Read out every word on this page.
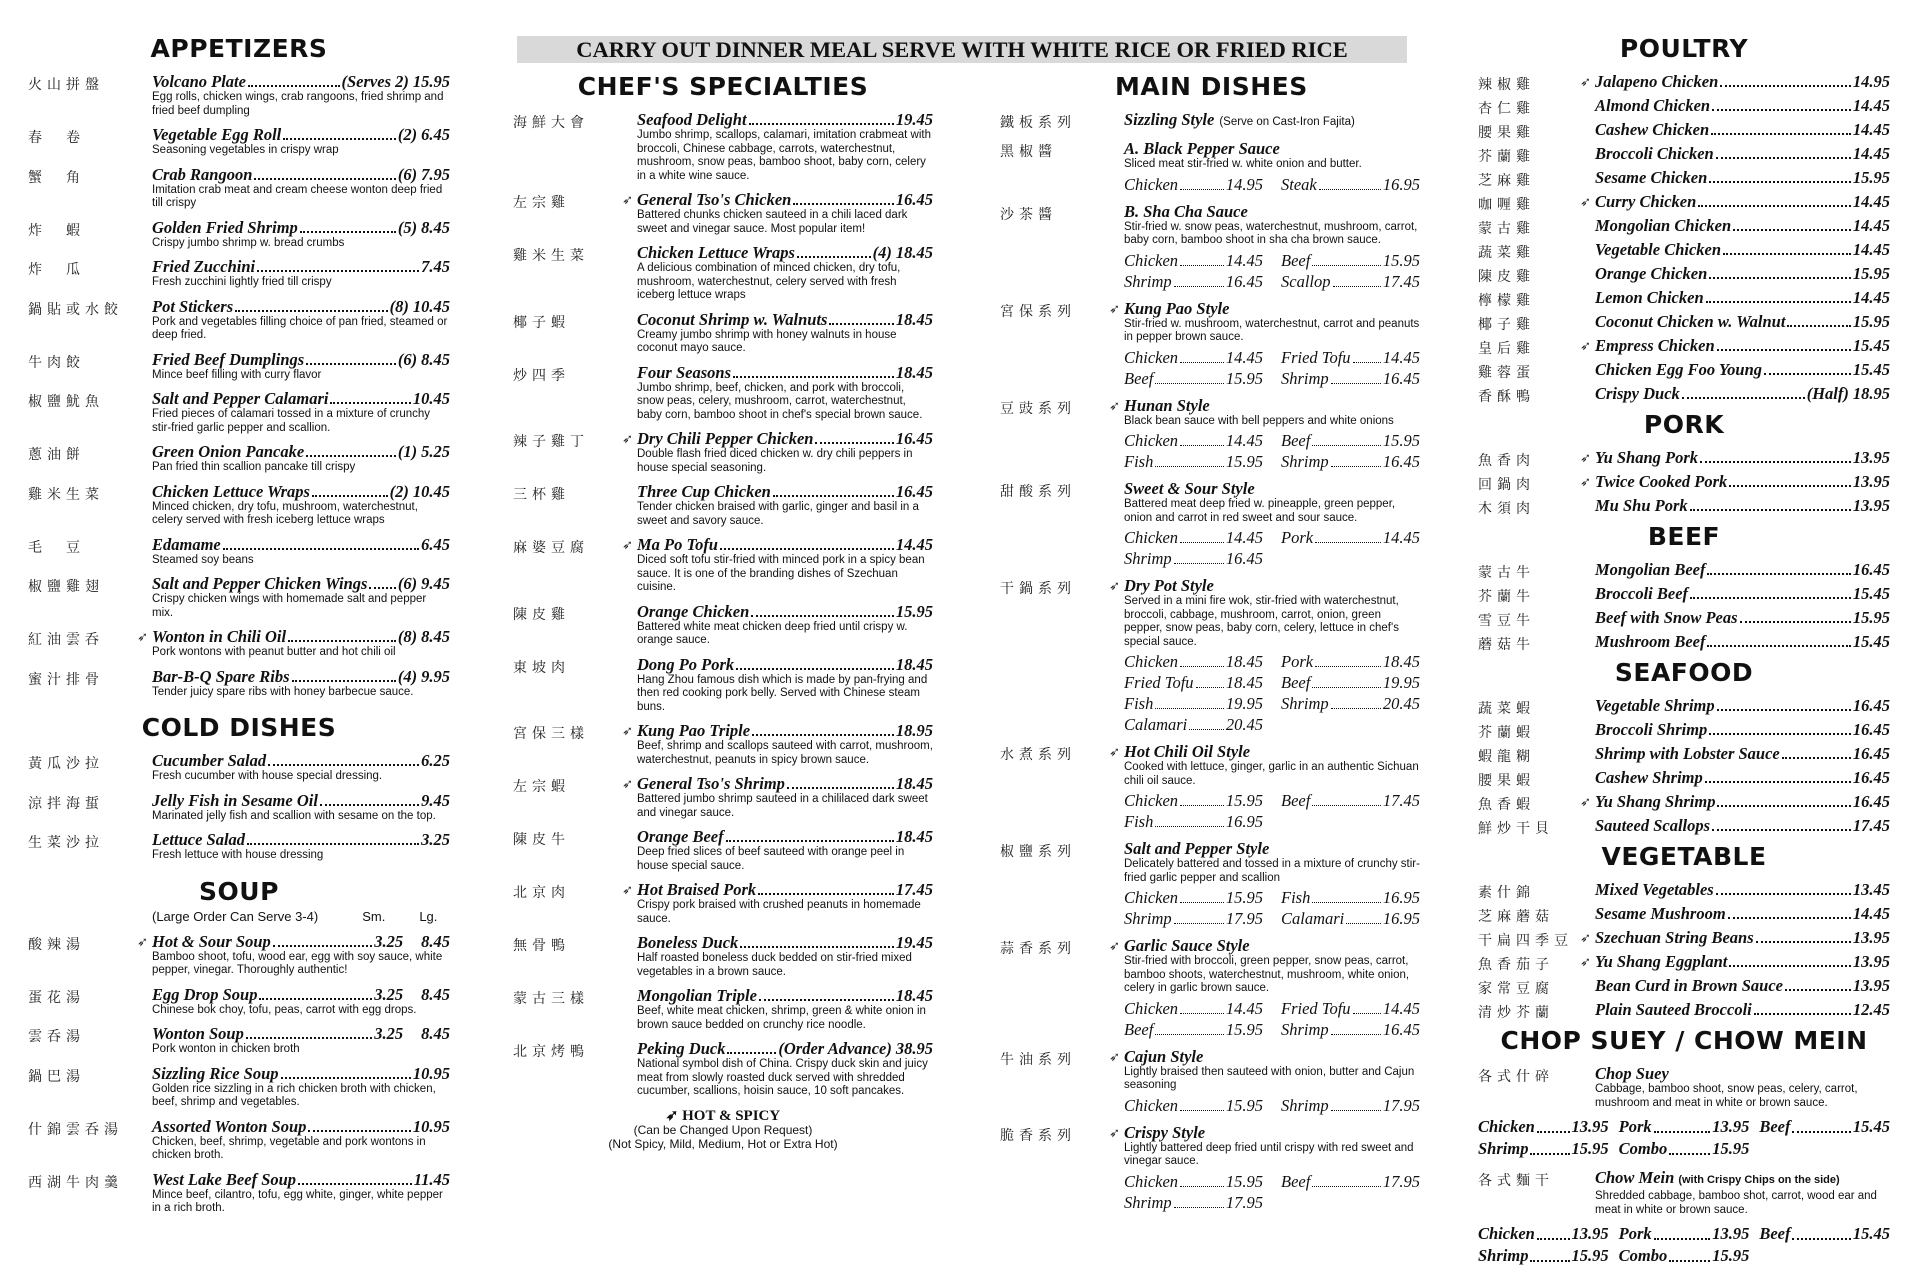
CARRY OUT DINNER MEAL SERVE WITH WHITE RICE OR FRIED RICE
APPETIZERS
火山拼盤	Volcano Plate	(Serves 2) 15.95
Egg rolls, chicken wings, crab rangoons, fried shrimp and fried beef dumpling
春　卷	Vegetable Egg Roll	(2) 6.45
Seasoning vegetables in crispy wrap
蟹　角	Crab Rangoon	(6) 7.95
Imitation crab meat and cream cheese wonton deep fried till crispy
炸　蝦	Golden Fried Shrimp	(5) 8.45
Crispy jumbo shrimp w. bread crumbs
炸　瓜	Fried Zucchini	7.45
Fresh zucchini lightly fried till crispy
鍋貼或水餃	Pot Stickers	(8) 10.45
Pork and vegetables filling choice of pan fried, steamed or deep fried.
牛肉餃	Fried Beef Dumplings	(6) 8.45
Mince beef filling with curry flavor
椒鹽魷魚	Salt and Pepper Calamari	10.45
Fried pieces of calamari tossed in a mixture of crunchy stir-fried garlic pepper and scallion.
蔥油餅	Green Onion Pancake	(1) 5.25
Pan fried thin scallion pancake till crispy
雞米生菜	Chicken Lettuce Wraps	(2) 10.45
Minced chicken, dry tofu, mushroom, waterchestnut, celery served with fresh iceberg lettuce wraps
毛　豆	Edamame	6.45
Steamed soy beans
椒鹽雞翅	Salt and Pepper Chicken Wings (6) 9.45
Crispy chicken wings with homemade salt and pepper mix.
紅油雲呑	➶ Wonton in Chili Oil	(8) 8.45
Pork wontons with peanut butter and hot chili oil
蜜汁排骨	Bar-B-Q Spare Ribs	(4) 9.95
Tender juicy spare ribs with honey barbecue sauce.
COLD DISHES
黃瓜沙拉	Cucumber Salad	6.25
Fresh cucumber with house special dressing.
涼拌海蜇	Jelly Fish in Sesame Oil	9.45
Marinated jelly fish and scallion with sesame on the top.
生菜沙拉	Lettuce Salad	3.25
Fresh lettuce with house dressing
SOUP
(Large Order Can Serve 3-4)	Sm.	Lg.
酸辣湯	➶ Hot & Sour Soup	3.25 8.45
Bamboo shoot, tofu, wood ear, egg with soy sauce, white pepper, vinegar. Thoroughly authentic!
蛋花湯	Egg Drop Soup	3.25 8.45
Chinese bok choy, tofu, peas, carrot with egg drops.
雲呑湯	Wonton Soup	3.25 8.45
Pork wonton in chicken broth
鍋巴湯	Sizzling Rice Soup	10.95
Golden rice sizzling in a rich chicken broth with chicken, beef, shrimp and vegetables.
什錦雲呑湯	Assorted Wonton Soup	10.95
Chicken, beef, shrimp, vegetable and pork wontons in chicken broth.
西湖牛肉羹	West Lake Beef Soup	11.45
Mince beef, cilantro, tofu, egg white, ginger, white pepper in a rich broth.
CHEF'S SPECIALTIES
海鮮大會	Seafood Delight	19.45
Jumbo shrimp, scallops, calamari, imitation crabmeat with broccoli, Chinese cabbage, carrots, waterchestnut, mushroom, snow peas, bamboo shoot, baby corn, celery in a white wine sauce.
左宗雞	➶ General Tso's Chicken	16.45
Battered chunks chicken sauteed in a chili laced dark sweet and vinegar sauce. Most popular item!
雞米生菜	Chicken Lettuce Wraps	(4) 18.45
A delicious combination of minced chicken, dry tofu, mushroom, waterchestnut, celery served with fresh iceberg lettuce wraps
椰子蝦	Coconut Shrimp w. Walnuts	18.45
Creamy jumbo shrimp with honey walnuts in house coconut mayo sauce.
炒四季	Four Seasons	18.45
Jumbo shrimp, beef, chicken, and pork with broccoli, snow peas, celery, mushroom, carrot, waterchestnut, baby corn, bamboo shoot in chef's special brown sauce.
辣子雞丁	➶ Dry Chili Pepper Chicken	16.45
Double flash fried diced chicken w. dry chili peppers in house special seasoning.
三杯雞	Three Cup Chicken	16.45
Tender chicken braised with garlic, ginger and basil in a sweet and savory sauce.
麻婆豆腐	➶ Ma Po Tofu	14.45
Diced soft tofu stir-fried with minced pork in a spicy bean sauce. It is one of the branding dishes of Szechuan cuisine.
陳皮雞	Orange Chicken	15.95
Battered white meat chicken deep fried until crispy w. orange sauce.
東坡肉	Dong Po Pork	18.45
Hang Zhou famous dish which is made by pan-frying and then red cooking pork belly. Served with Chinese steam buns.
宮保三樣	➶ Kung Pao Triple	18.95
Beef, shrimp and scallops sauteed with carrot, mushroom, waterchestnut, peanuts in spicy brown sauce.
左宗蝦	➶ General Tso's Shrimp	18.45
Battered jumbo shrimp sauteed in a chililaced dark sweet and vinegar sauce.
陳皮牛	Orange Beef	18.45
Deep fried slices of beef sauteed with orange peel in house special sauce.
北京肉	➶ Hot Braised Pork	17.45
Crispy pork braised with crushed peanuts in homemade sauce.
無骨鴨	Boneless Duck	19.45
Half roasted boneless duck bedded on stir-fried mixed vegetables in a brown sauce.
蒙古三樣	Mongolian Triple	18.45
Beef, white meat chicken, shrimp, green & white onion in brown sauce bedded on crunchy rice noodle.
北京烤鴨	Peking Duck	(Order Advance) 38.95
National symbol dish of China. Crispy duck skin and juicy meat from slowly roasted duck served with shredded cucumber, scallions, hoisin sauce, 10 soft pancakes.
➶ HOT & SPICY
(Can be Changed Upon Request)
(Not Spicy, Mild, Medium, Hot or Extra Hot)
MAIN DISHES
鐵板系列	Sizzling Style (Serve on Cast-Iron Fajita)
黑椒醬	A. Black Pepper Sauce
Sliced meat stir-fried w. white onion and butter.
Chicken	14.95 Steak	16.95
沙茶醬	B. Sha Cha Sauce
Stir-fried w. snow peas, waterchestnut, mushroom, carrot, baby corn, bamboo shoot in sha cha brown sauce.
Chicken	14.45 Beef	15.95
Shrimp	16.45 Scallop	17.45
宮保系列	➶ Kung Pao Style
Stir-fried w. mushroom, waterchestnut, carrot and peanuts in pepper brown sauce.
Chicken	14.45 Fried Tofu 14.45
Beef	15.95 Shrimp	16.45
豆豉系列	➶ Hunan Style
Black bean sauce with bell peppers and white onions
Chicken	14.45 Beef	15.95
Fish	15.95 Shrimp	16.45
甜酸系列	Sweet & Sour Style
Battered meat deep fried w. pineapple, green pepper, onion and carrot in red sweet and sour sauce.
Chicken	14.45 Pork	14.45
Shrimp	16.45
干鍋系列	➶ Dry Pot Style
Served in a mini fire wok, stir-fried with waterchestnut, broccoli, cabbage, mushroom, carrot, onion, green pepper, snow peas, baby corn, celery, lettuce in chef's special sauce.
Chicken	18.45 Pork	18.45
Fried Tofu 18.45 Beef	19.95
Fish	19.95 Shrimp	20.45
Calamari 20.45
水煮系列	➶ Hot Chili Oil Style
Cooked with lettuce, ginger, garlic in an authentic Sichuan chili oil sauce.
Chicken	15.95 Beef	17.45
Fish	16.95
椒鹽系列	Salt and Pepper Style
Delicately battered and tossed in a mixture of crunchy stir-fried garlic pepper and scallion
Chicken	15.95 Fish	16.95
Shrimp	17.95 Calamari 16.95
蒜香系列	➶ Garlic Sauce Style
Stir-fried with broccoli, green pepper, snow peas, carrot, bamboo shoots, waterchestnut, mushroom, white onion, celery in garlic brown sauce.
Chicken	14.45 Fried Tofu 14.45
Beef	15.95 Shrimp	16.45
牛油系列	➶ Cajun Style
Lightly braised then sauteed with onion, butter and Cajun seasoning
Chicken	15.95 Shrimp	17.95
脆香系列	➶ Crispy Style
Lightly battered deep fried until crispy with red sweet and vinegar sauce.
Chicken	15.95 Beef	17.95
Shrimp	17.95
POULTRY
辣椒雞	➶ Jalapeno Chicken	14.95
杏仁雞	Almond Chicken	14.45
腰果雞	Cashew Chicken	14.45
芥蘭雞	Broccoli Chicken	14.45
芝麻雞	Sesame Chicken	15.95
咖喱雞	➶ Curry Chicken	14.45
蒙古雞	Mongolian Chicken	14.45
蔬菜雞	Vegetable Chicken	14.45
陳皮雞	Orange Chicken	15.95
檸檬雞	Lemon Chicken	14.45
椰子雞	Coconut Chicken w. Walnut	15.95
皇后雞	➶ Empress Chicken	15.45
雞蓉蛋	Chicken Egg Foo Young	15.45
香酥鴨	Crispy Duck	(Half) 18.95
PORK
魚香肉	➶ Yu Shang Pork	13.95
回鍋肉	➶ Twice Cooked Pork	13.95
木須肉	Mu Shu Pork	13.95
BEEF
蒙古牛	Mongolian Beef	16.45
芥蘭牛	Broccoli Beef	15.45
雪豆牛	Beef with Snow Peas	15.95
蘑菇牛	Mushroom Beef	15.45
SEAFOOD
蔬菜蝦	Vegetable Shrimp	16.45
芥蘭蝦	Broccoli Shrimp	16.45
蝦龍糊	Shrimp with Lobster Sauce	16.45
腰果蝦	Cashew Shrimp	16.45
魚香蝦	➶ Yu Shang Shrimp	16.45
鮮炒干貝	Sauteed Scallops	17.45
VEGETABLE
素什錦	Mixed Vegetables	13.45
芝麻蘑菇	Sesame Mushroom	14.45
干扁四季豆 ➶ Szechuan String Beans	13.95
魚香茄子 ➶ Yu Shang Eggplant	13.95
家常豆腐	Bean Curd in Brown Sauce	13.95
清炒芥蘭	Plain Sauteed Broccoli	12.45
CHOP SUEY / CHOW MEIN
各式什碎	Chop Suey
Cabbage, bamboo shoot, snow peas, celery, carrot, mushroom and meat in white or brown sauce.
Chicken 13.95 Pork	13.95 Beef	15.45
Shrimp	15.95 Combo	15.95
各式麵干	Chow Mein (with Crispy Chips on the side)
Shredded cabbage, bamboo shot, carrot, wood ear and meat in white or brown sauce.
Chicken 13.95 Pork	13.95 Beef	15.45
Shrimp	15.95 Combo	15.95
